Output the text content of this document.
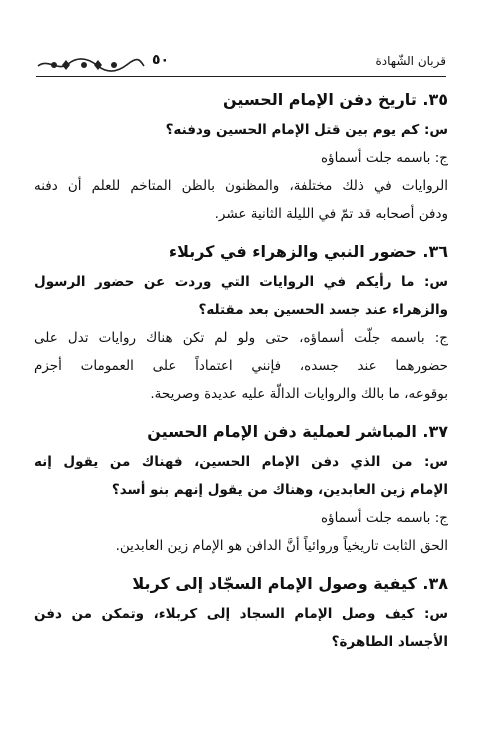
قربان الشّهادة
٥٠
٣٥. تاريخ دفن الإمام الحسين
س: كم يوم بين قتل الإمام الحسين ودفنه؟
ج: باسمه جلت أسماؤه
الروايات في ذلك مختلفة، والمظنون بالظن المتاخم للعلم أن دفنه
ودفن أصحابه قد تمّ في الليلة الثانية عشر.
٣٦. حضور النبي والزهراء في كربلاء
س: ما رأيكم في الروايات التي وردت عن حضور الرسول
والزهراء عند جسد الحسين بعد مقتله؟
ج: باسمه جلّت أسماؤه، حتى ولو لم تكن هناك روايات تدل على
حضورهما عند جسده، فإنني اعتماداً على العمومات أجزم
بوقوعه، ما بالك والروايات الدالّة عليه عديدة وصريحة.
٣٧. المباشر لعملية دفن الإمام الحسين
س: من الذي دفن الإمام الحسين، فهناك من يقول إنه
الإمام زين العابدين، وهناك من يقول إنهم بنو أسد؟
ج: باسمه جلت أسماؤه
الحق الثابت تاريخياً وروائياً أنَّ الدافن هو الإمام زين العابدين.
٣٨. كيفية وصول الإمام السجّاد إلى كربلا
س: كيف وصل الإمام السجاد إلى كربلاء، وتمكن من دفن
الأجساد الطاهرة؟
